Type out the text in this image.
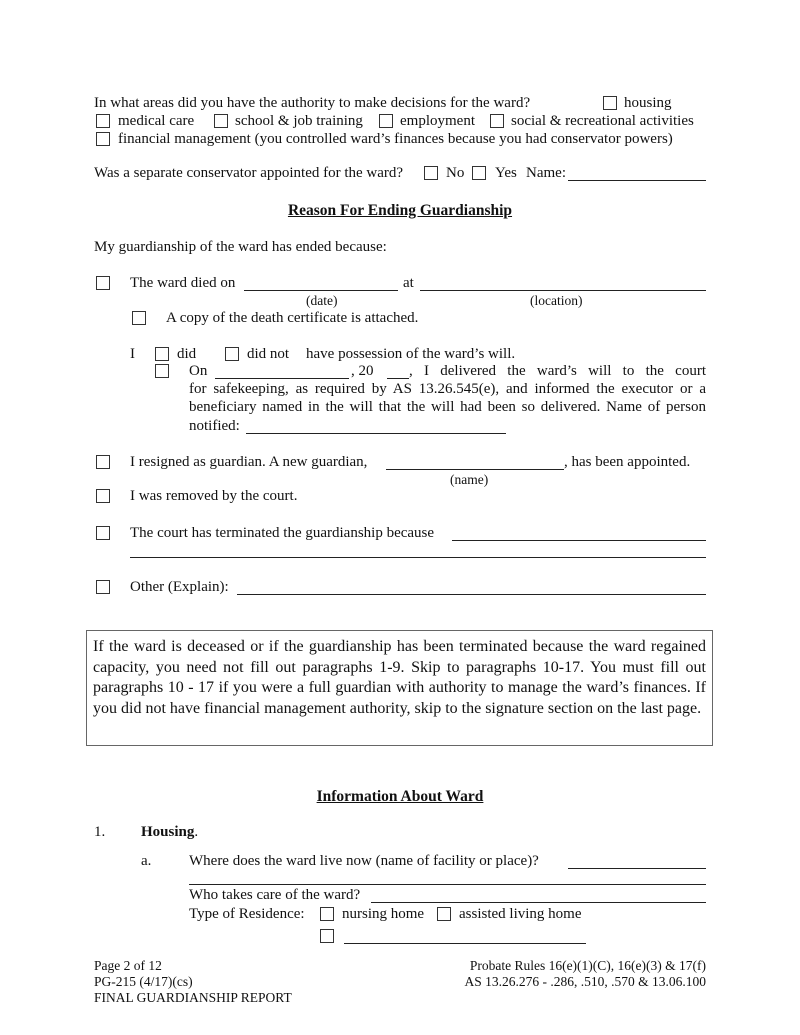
In what areas did you have the authority to make decisions for the ward?	housing
medical care	school & job training employment social & recreational activities
financial management (you controlled ward’s finances because you had conservator powers)
Was a separate conservator appointed for the ward?	No Yes Name:
Reason For Ending Guardianship
My guardianship of the ward has ended because:
The ward died on	at
(date)	(location)
A copy of the death certificate is attached.
I	did	did not have possession of the ward’s will.
On	, 20 , I delivered the ward’s will to the court
for safekeeping, as required by AS 13.26.545(e), and informed the executor or a
beneficiary named in the will that the will had been so delivered. Name of person
notified:
I resigned as guardian. A new guardian,	, has been appointed.
(name)
I was removed by the court.
The court has terminated the guardianship because
Other (Explain):
If the ward is deceased or if the guardianship has been terminated because the ward regained capacity, you need not fill out paragraphs 1-9. Skip to paragraphs 10-17. You must fill out paragraphs 10 - 17 if you were a full guardian with authority to manage the ward’s finances. If you did not have financial management authority, skip to the signature section on the last page.
Information About Ward
1. Housing.
a.	Where does the ward live now (name of facility or place)?
Who takes care of the ward?
Type of Residence: nursing home assisted living home
Page 2 of 12
PG-215 (4/17)(cs)
FINAL GUARDIANSHIP REPORT
Probate Rules 16(e)(1)(C), 16(e)(3) & 17(f)
AS 13.26.276 - .286, .510, .570 & 13.06.100
